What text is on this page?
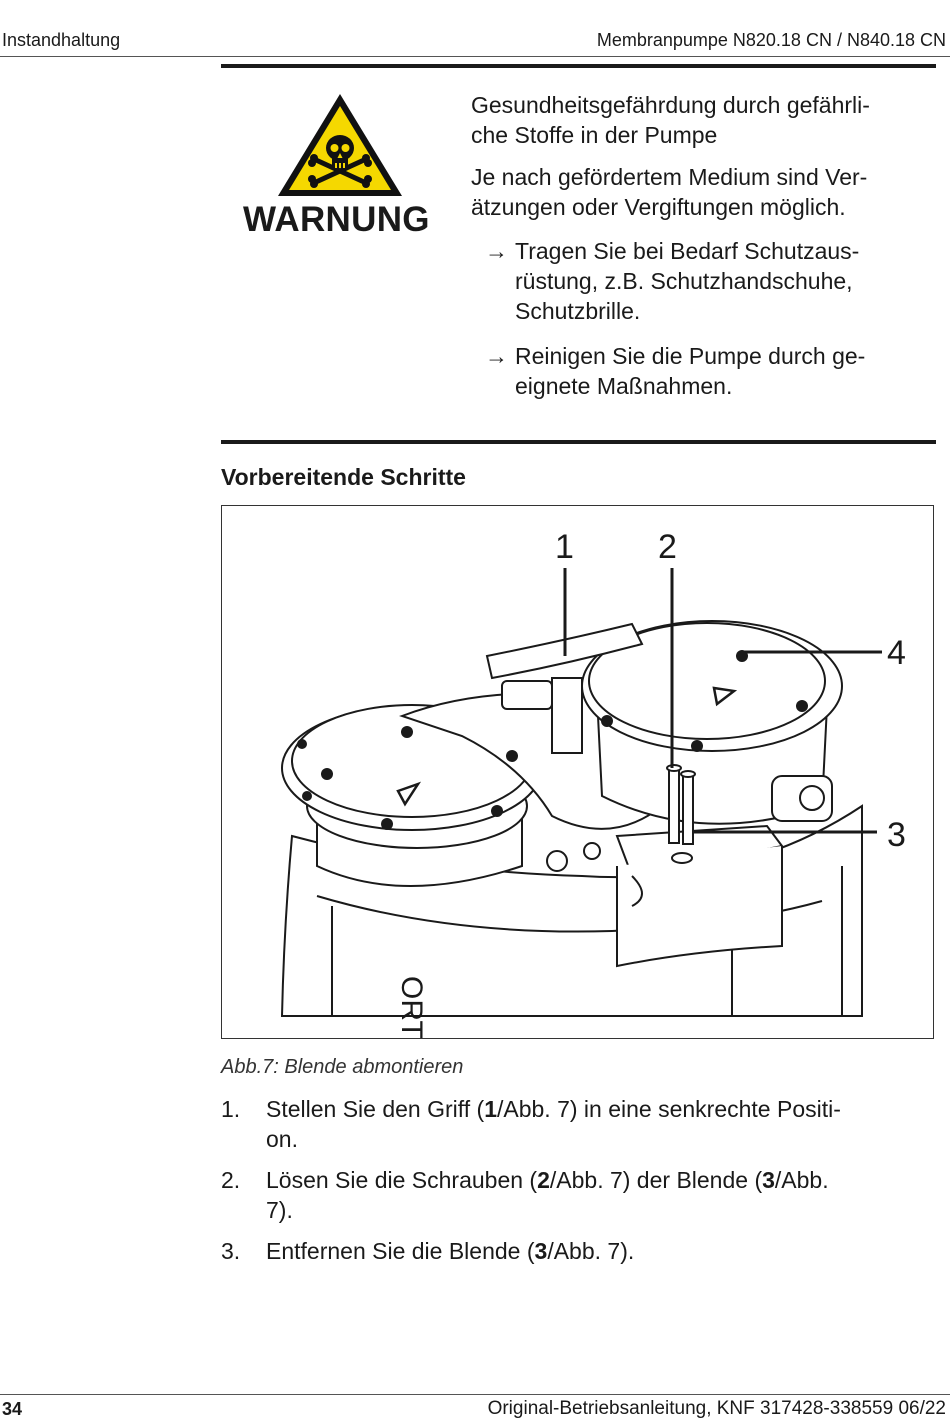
Instandhaltung	Membranpumpe N820.18 CN / N840.18 CN
WARNUNG
Gesundheitsgefährdung durch gefährli-
che Stoffe in der Pumpe
Je nach gefördertem Medium sind Ver-
ätzungen oder Vergiftungen möglich.
→ Tragen Sie bei Bedarf Schutzaus-
rüstung, z.B. Schutzhandschuhe,
Schutzbrille.
→ Reinigen Sie die Pumpe durch ge-
eignete Maßnahmen.
Vorbereitende Schritte
ORT
1 2
3
4
Abb.7: Blende abmontieren
1.	Stellen Sie den Griff (1/Abb. 7) in eine senkrechte Positi-
on.
2.	Lösen Sie die Schrauben (2/Abb. 7) der Blende (3/Abb.
7).
3.	Entfernen Sie die Blende (3/Abb. 7).
34	Original-Betriebsanleitung, KNF 317428-338559 06/22
